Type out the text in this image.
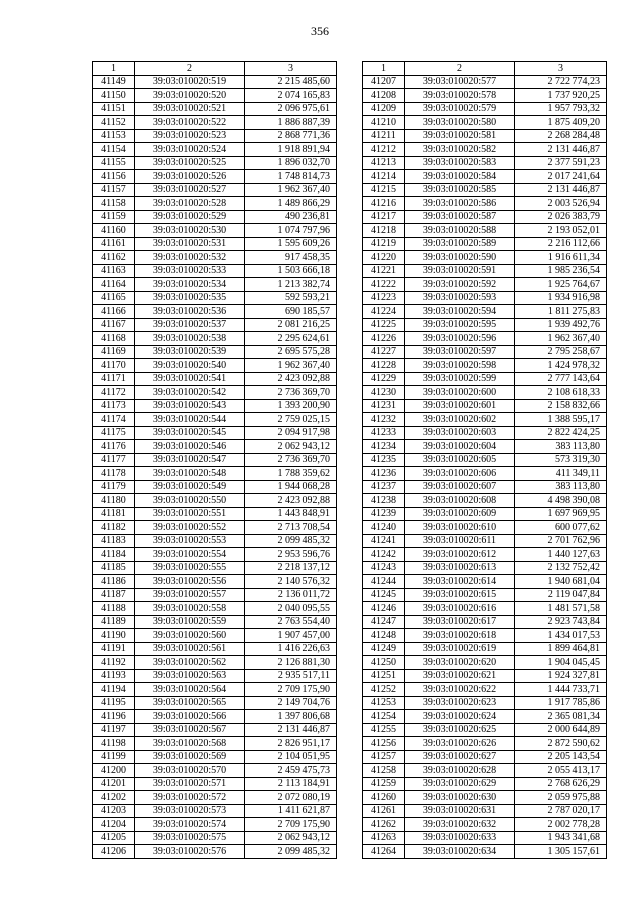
356
1	2	3
41149	39:03:010020:519	2 215 485,60
41150	39:03:010020:520	2 074 165,83
41151	39:03:010020:521	2 096 975,61
41152	39:03:010020:522	1 886 887,39
41153	39:03:010020:523	2 868 771,36
41154	39:03:010020:524	1 918 891,94
41155	39:03:010020:525	1 896 032,70
41156	39:03:010020:526	1 748 814,73
41157	39:03:010020:527	1 962 367,40
41158	39:03:010020:528	1 489 866,29
41159	39:03:010020:529	490 236,81
41160	39:03:010020:530	1 074 797,96
41161	39:03:010020:531	1 595 609,26
41162	39:03:010020:532	917 458,35
41163	39:03:010020:533	1 503 666,18
41164	39:03:010020:534	1 213 382,74
41165	39:03:010020:535	592 593,21
41166	39:03:010020:536	690 185,57
41167	39:03:010020:537	2 081 216,25
41168	39:03:010020:538	2 295 624,61
41169	39:03:010020:539	2 695 575,28
41170	39:03:010020:540	1 962 367,40
41171	39:03:010020:541	2 423 092,88
41172	39:03:010020:542	2 736 369,70
41173	39:03:010020:543	1 393 200,90
41174	39:03:010020:544	2 759 025,15
41175	39:03:010020:545	2 094 917,98
41176	39:03:010020:546	2 062 943,12
41177	39:03:010020:547	2 736 369,70
41178	39:03:010020:548	1 788 359,62
41179	39:03:010020:549	1 944 068,28
41180	39:03:010020:550	2 423 092,88
41181	39:03:010020:551	1 443 848,91
41182	39:03:010020:552	2 713 708,54
41183	39:03:010020:553	2 099 485,32
41184	39:03:010020:554	2 953 596,76
41185	39:03:010020:555	2 218 137,12
41186	39:03:010020:556	2 140 576,32
41187	39:03:010020:557	2 136 011,72
41188	39:03:010020:558	2 040 095,55
41189	39:03:010020:559	2 763 554,40
41190	39:03:010020:560	1 907 457,00
41191	39:03:010020:561	1 416 226,63
41192	39:03:010020:562	2 126 881,30
41193	39:03:010020:563	2 935 517,11
41194	39:03:010020:564	2 709 175,90
41195	39:03:010020:565	2 149 704,76
41196	39:03:010020:566	1 397 806,68
41197	39:03:010020:567	2 131 446,87
41198	39:03:010020:568	2 826 951,17
41199	39:03:010020:569	2 104 051,95
41200	39:03:010020:570	2 459 475,73
41201	39:03:010020:571	2 113 184,91
41202	39:03:010020:572	2 072 080,19
41203	39:03:010020:573	1 411 621,87
41204	39:03:010020:574	2 709 175,90
41205	39:03:010020:575	2 062 943,12
41206	39:03:010020:576	2 099 485,32
1	2	3
41207	39:03:010020:577	2 722 774,23
41208	39:03:010020:578	1 737 920,25
41209	39:03:010020:579	1 957 793,32
41210	39:03:010020:580	1 875 409,20
41211	39:03:010020:581	2 268 284,48
41212	39:03:010020:582	2 131 446,87
41213	39:03:010020:583	2 377 591,23
41214	39:03:010020:584	2 017 241,64
41215	39:03:010020:585	2 131 446,87
41216	39:03:010020:586	2 003 526,94
41217	39:03:010020:587	2 026 383,79
41218	39:03:010020:588	2 193 052,01
41219	39:03:010020:589	2 216 112,66
41220	39:03:010020:590	1 916 611,34
41221	39:03:010020:591	1 985 236,54
41222	39:03:010020:592	1 925 764,67
41223	39:03:010020:593	1 934 916,98
41224	39:03:010020:594	1 811 275,83
41225	39:03:010020:595	1 939 492,76
41226	39:03:010020:596	1 962 367,40
41227	39:03:010020:597	2 795 258,67
41228	39:03:010020:598	1 424 978,32
41229	39:03:010020:599	2 777 143,64
41230	39:03:010020:600	2 108 618,33
41231	39:03:010020:601	2 158 832,66
41232	39:03:010020:602	1 388 595,17
41233	39:03:010020:603	2 822 424,25
41234	39:03:010020:604	383 113,80
41235	39:03:010020:605	573 319,30
41236	39:03:010020:606	411 349,11
41237	39:03:010020:607	383 113,80
41238	39:03:010020:608	4 498 390,08
41239	39:03:010020:609	1 697 969,95
41240	39:03:010020:610	600 077,62
41241	39:03:010020:611	2 701 762,96
41242	39:03:010020:612	1 440 127,63
41243	39:03:010020:613	2 132 752,42
41244	39:03:010020:614	1 940 681,04
41245	39:03:010020:615	2 119 047,84
41246	39:03:010020:616	1 481 571,58
41247	39:03:010020:617	2 923 743,84
41248	39:03:010020:618	1 434 017,53
41249	39:03:010020:619	1 899 464,81
41250	39:03:010020:620	1 904 045,45
41251	39:03:010020:621	1 924 327,81
41252	39:03:010020:622	1 444 733,71
41253	39:03:010020:623	1 917 785,86
41254	39:03:010020:624	2 365 081,34
41255	39:03:010020:625	2 000 644,89
41256	39:03:010020:626	2 872 590,62
41257	39:03:010020:627	2 205 143,54
41258	39:03:010020:628	2 055 413,17
41259	39:03:010020:629	2 768 626,29
41260	39:03:010020:630	2 059 975,88
41261	39:03:010020:631	2 787 020,17
41262	39:03:010020:632	2 002 778,28
41263	39:03:010020:633	1 943 341,68
41264	39:03:010020:634	1 305 157,61
